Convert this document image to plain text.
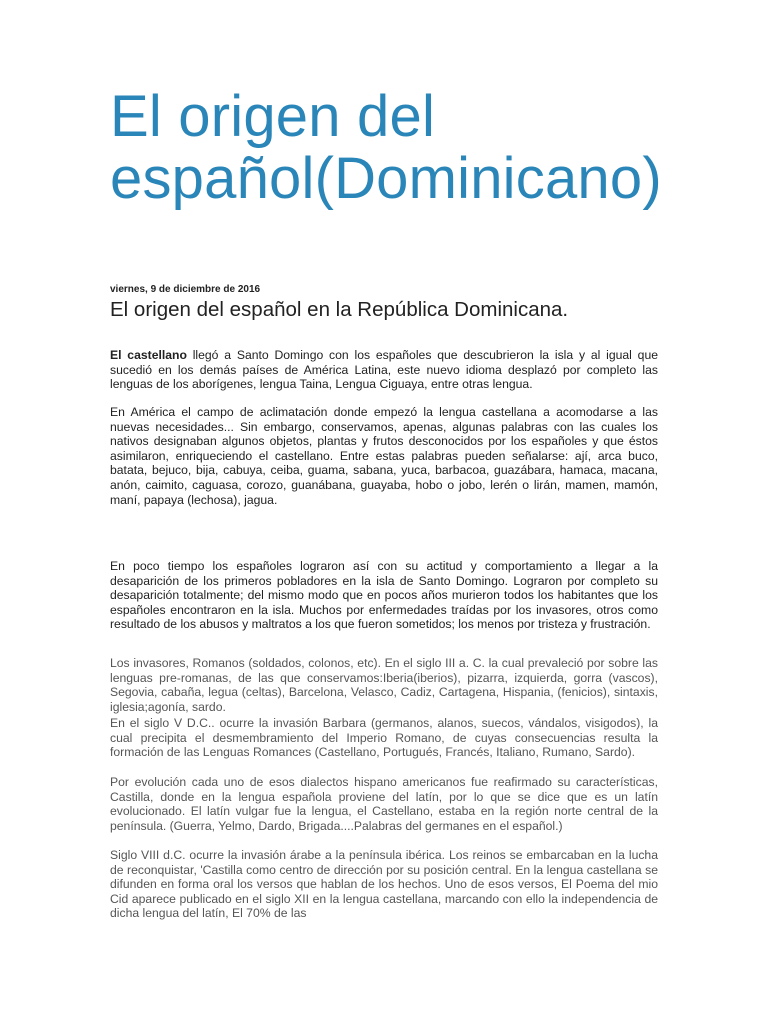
El origen del español(Dominicano)
viernes, 9 de diciembre de 2016
El origen del español en la República Dominicana.

El castellano llegó a Santo Domingo con los españoles que descubrieron la isla y al igual que sucedió en los demás países de América Latina, este nuevo idioma desplazó por completo las lenguas de los aborígenes, lengua Taina, Lengua Ciguaya, entre otras lengua.

En América el campo de aclimatación donde empezó la lengua castellana a acomodarse a las nuevas necesidades... Sin embargo, conservamos, apenas, algunas palabras con las cuales los nativos designaban algunos objetos, plantas y frutos desconocidos por los españoles y que éstos asimilaron, enriqueciendo el castellano. Entre estas palabras pueden señalarse: ají, arca buco, batata, bejuco, bija, cabuya, ceiba, guama, sabana, yuca, barbacoa, guazábara, hamaca, macana, anón, caimito, caguasa, corozo, guanábana, guayaba, hobo o jobo, lerén o lirán, mamen, mamón, maní, papaya (lechosa), jagua.

En poco tiempo los españoles lograron así con su actitud y comportamiento a llegar a la desaparición de los primeros pobladores en la isla de Santo Domingo. Lograron por completo su desaparición totalmente; del mismo modo que en pocos años murieron todos los habitantes que los españoles encontraron en la isla. Muchos por enfermedades traídas por los invasores, otros como resultado de los abusos y maltratos a los que fueron sometidos; los menos por tristeza y frustración.

Los invasores, Romanos (soldados, colonos, etc). En el siglo III a. C. la cual prevaleció por sobre las lenguas pre-romanas, de las que conservamos:Iberia(iberios), pizarra, izquierda, gorra (vascos), Segovia, cabaña, legua (celtas), Barcelona, Velasco, Cadiz, Cartagena, Hispania, (fenicios), sintaxis, iglesia;agonía, sardo.

En el siglo V D.C.. ocurre la invasión Barbara (germanos, alanos, suecos, vándalos, visigodos), la cual precipita el desmembramiento del Imperio Romano, de cuyas consecuencias resulta la formación de las Lenguas Romances (Castellano, Portugués, Francés, Italiano, Rumano, Sardo).

Por evolución cada uno de esos dialectos hispano americanos fue reafirmado su características, Castilla, donde en la lengua española proviene del latín, por lo que se dice que es un latín evolucionado. El latín vulgar fue la lengua, el Castellano, estaba en la región norte central de la península. (Guerra, Yelmo, Dardo, Brigada....Palabras del germanes en el español.)

Siglo VIII d.C. ocurre la invasión árabe a la península ibérica. Los reinos se embarcaban en la lucha de reconquistar, 'Castilla como centro de dirección por su posición central. En la lengua castellana se difunden en forma oral los versos que hablan de los hechos. Uno de esos versos, El Poema del mio Cid aparece publicado en el siglo XII en la lengua castellana, marcando con ello la independencia de dicha lengua del latín, El 70% de las
